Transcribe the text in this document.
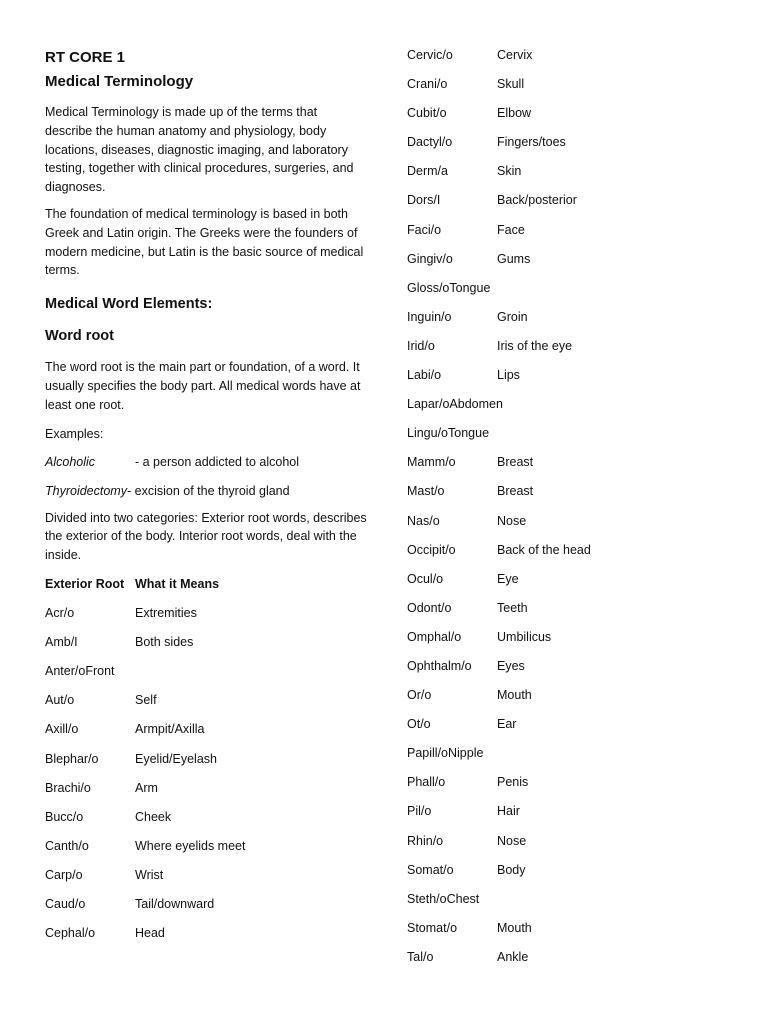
RT CORE 1
Medical Terminology

Medical Terminology is made up of the terms that describe the human anatomy and physiology, body locations, diseases, diagnostic imaging, and laboratory testing, together with clinical procedures, surgeries, and diagnoses.

The foundation of medical terminology is based in both Greek and Latin origin. The Greeks were the founders of modern medicine, but Latin is the basic source of medical terms.

Medical Word Elements:
Word root

The word root is the main part or foundation, of a word. It usually specifies the body part. All medical words have at least one root.

Examples:

Alcoholic	- a person addicted to alcohol
Thyroidectomy - excision of the thyroid gland

Divided into two categories: Exterior root words, describes the exterior of the body. Interior root words, deal with the inside.

Exterior Root What it Means
Acr/o	Extremities
Amb/I	Both sides
Anter/o Front
Aut/o	Self
Axill/o	Armpit/Axilla
Blephar/o	Eyelid/Eyelash
Brachi/o	Arm
Bucc/o	Cheek
Canth/o	Where eyelids meet
Carp/o	Wrist
Caud/o	Tail/downward
Cephal/o	Head
Cervic/o	Cervix
Crani/o	Skull
Cubit/o	Elbow
Dactyl/o	Fingers/toes
Derm/a	Skin
Dors/I	Back/posterior
Faci/o	Face
Gingiv/o	Gums
Gloss/o Tongue
Inguin/o	Groin
Irid/o	Iris of the eye
Labi/o	Lips
Lapar/o Abdomen
Lingu/o Tongue
Mamm/o	Breast
Mast/o	Breast
Nas/o	Nose
Occipit/o	Back of the head
Ocul/o	Eye
Odont/o	Teeth
Omphal/o	Umbilicus
Ophthalm/o	Eyes
Or/o	Mouth
Ot/o	Ear
Papill/o Nipple
Phall/o	Penis
Pil/o	Hair
Rhin/o	Nose
Somat/o	Body
Steth/o Chest
Stomat/o	Mouth
Tal/o	Ankle
